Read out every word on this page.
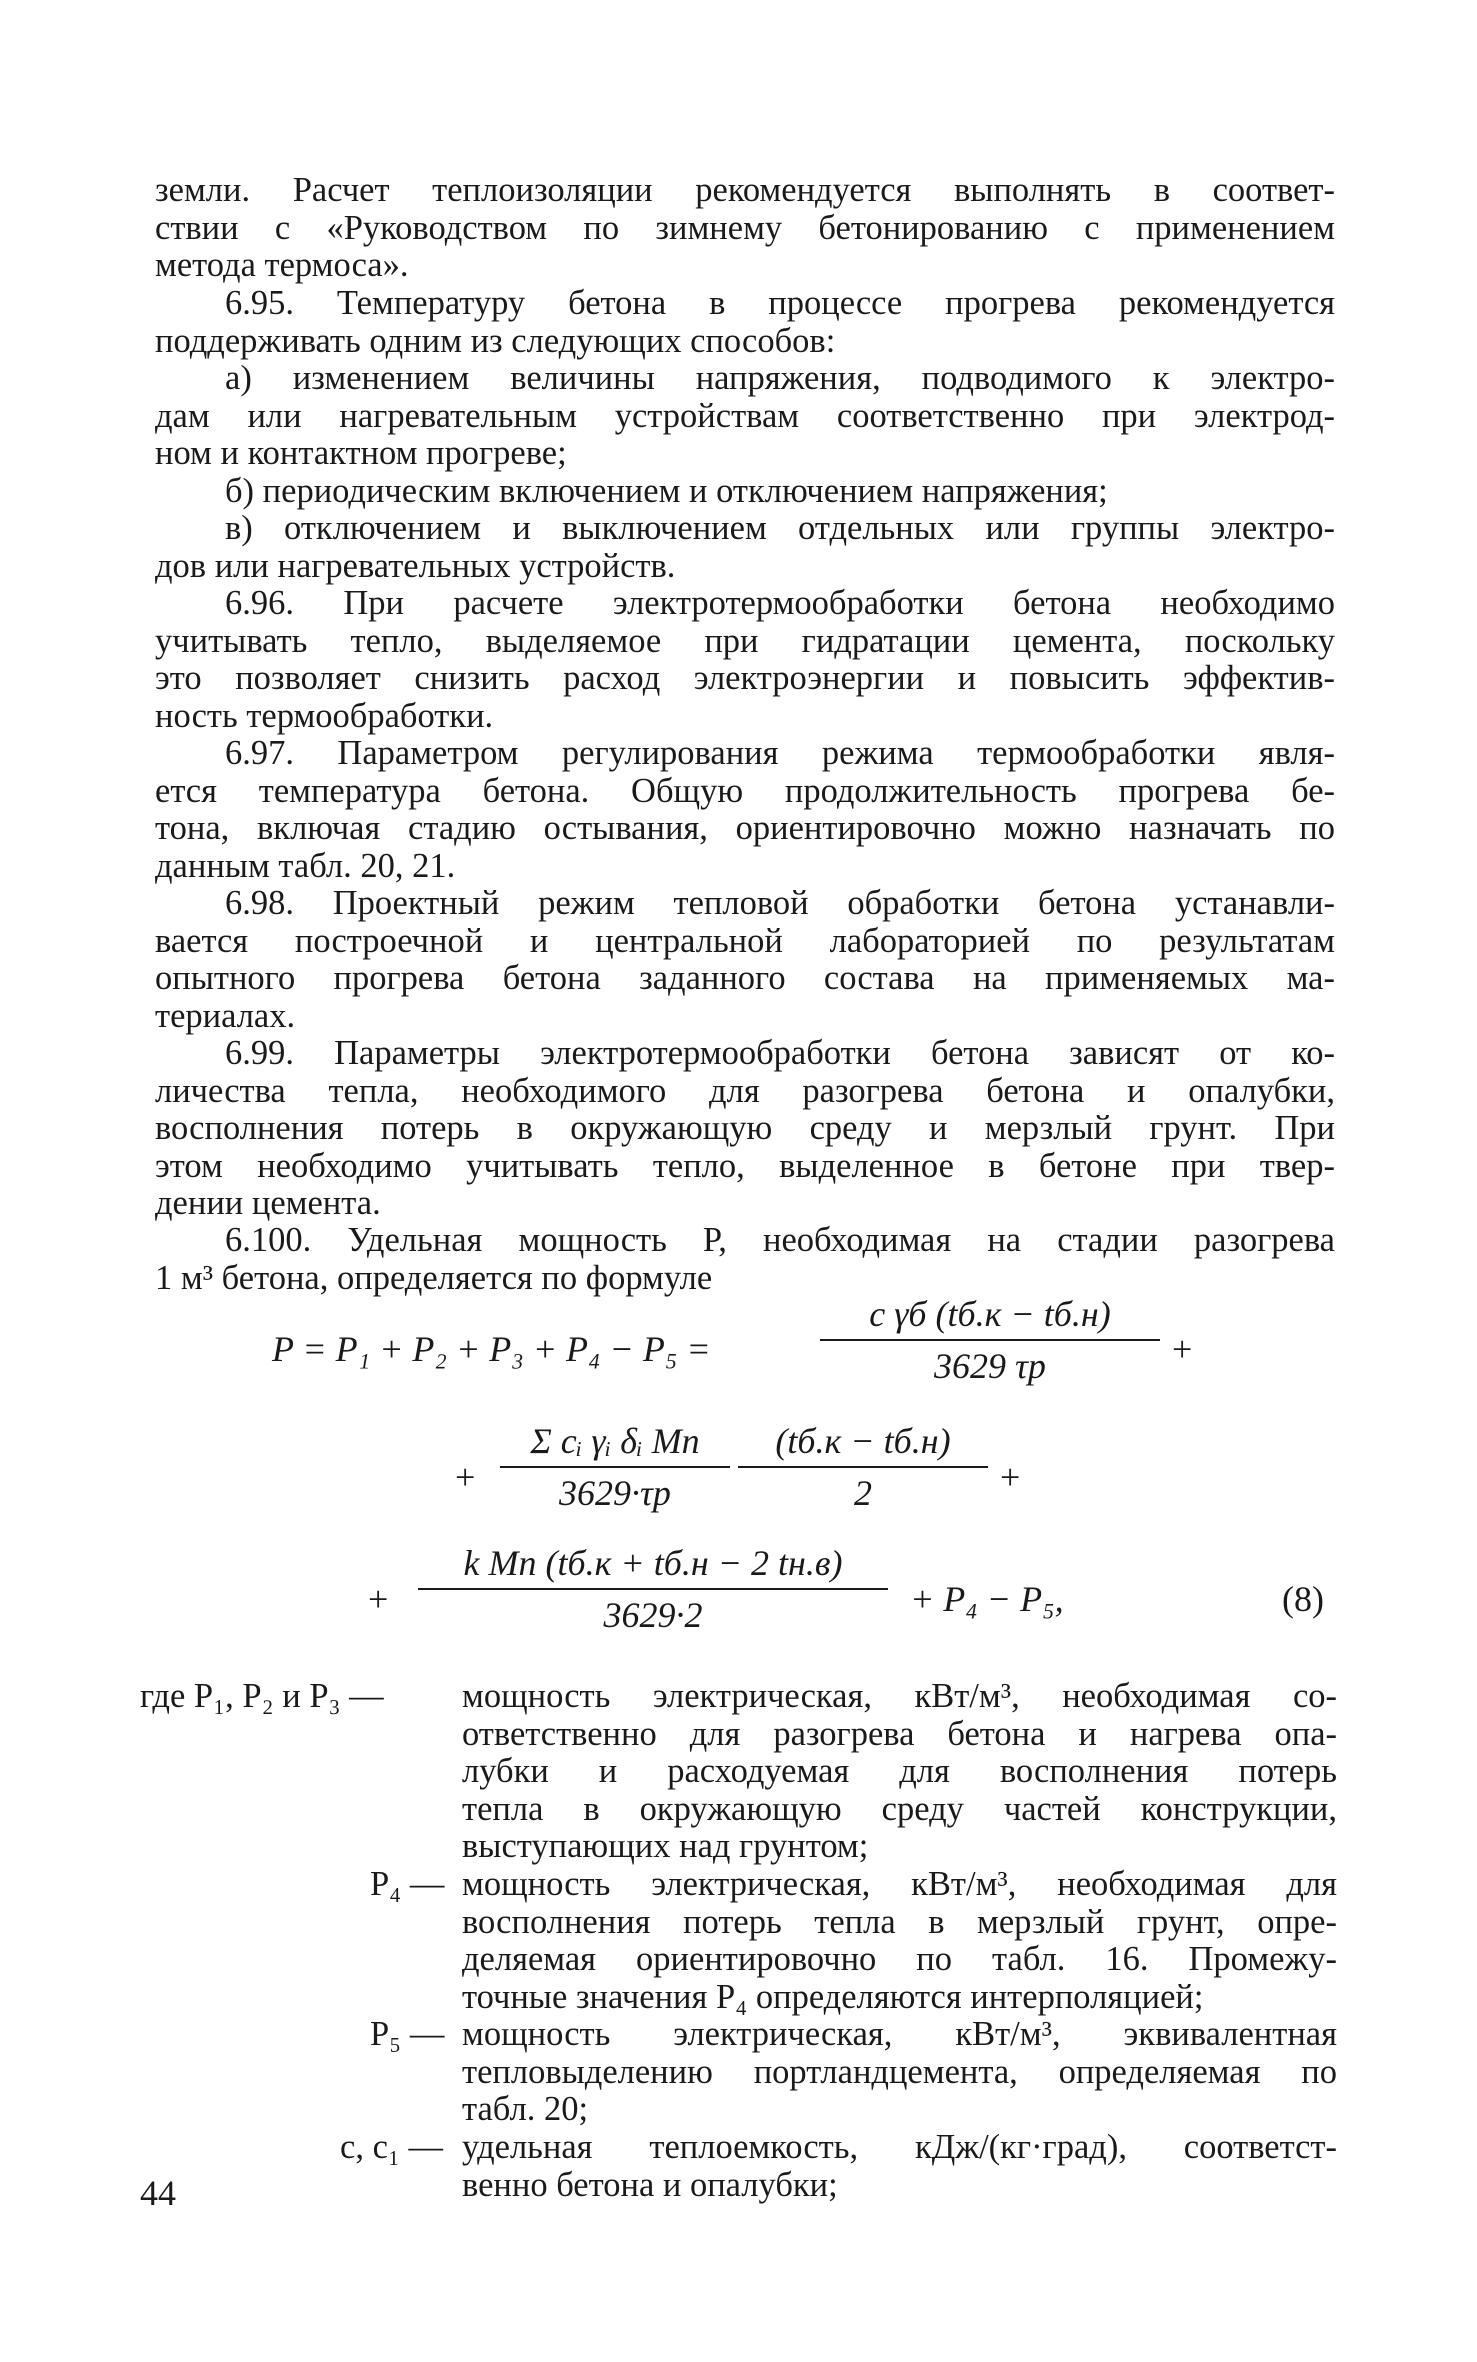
земли. Расчет теплоизоляции рекомендуется выполнять в соответ-
ствии с «Руководством по зимнему бетонированию с применением
метода термоса».
6.95. Температуру бетона в процессе прогрева рекомендуется
поддерживать одним из следующих способов:
а) изменением величины напряжения, подводимого к электро-
дам или нагревательным устройствам соответственно при электрод-
ном и контактном прогреве;
б) периодическим включением и отключением напряжения;
в) отключением и выключением отдельных или группы электро-
дов или нагревательных устройств.
6.96. При расчете электротермообработки бетона необходимо
учитывать тепло, выделяемое при гидратации цемента, поскольку
это позволяет снизить расход электроэнергии и повысить эффектив-
ность термообработки.
6.97. Параметром регулирования режима термообработки явля-
ется температура бетона. Общую продолжительность прогрева бе-
тона, включая стадию остывания, ориентировочно можно назначать по
данным табл. 20, 21.
6.98. Проектный режим тепловой обработки бетона устанавли-
вается построечной и центральной лабораторией по результатам
опытного прогрева бетона заданного состава на применяемых ма-
териалах.
6.99. Параметры электротермообработки бетона зависят от ко-
личества тепла, необходимого для разогрева бетона и опалубки,
восполнения потерь в окружающую среду и мерзлый грунт. При
этом необходимо учитывать тепло, выделенное в бетоне при твер-
дении цемента.
6.100. Удельная мощность P, необходимая на стадии разогрева
1 м³ бетона, определяется по формуле
P = P₁ + P₂ + P₃ + P₄ − P₅ =
c γб (tб.к − tб.н)
3629 τр	+
+
Σ cᵢ γᵢ δᵢ Mп
3629·τр
(tб.к − tб.н)
2	+
+
k Mп (tб.к + tб.н − 2 tн.в)
3629·2	+ P₄ − P₅,	(8)
где P₁, P₂ и P₃ — мощность электрическая, кВт/м³, необходимая со-
ответственно для разогрева бетона и нагрева опа-
лубки и расходуемая для восполнения потерь
тепла в окружающую среду частей конструкции,
выступающих над грунтом;
P₄ — мощность электрическая, кВт/м³, необходимая для
восполнения потерь тепла в мерзлый грунт, опре-
деляемая ориентировочно по табл. 16. Промежу-
точные значения P₄ определяются интерполяцией;
P₅ — мощность электрическая, кВт/м³, эквивалентная
тепловыделению портландцемента, определяемая по
табл. 20;
c, c₁ — удельная теплоемкость, кДж/(кг·град), соответст-
венно бетона и опалубки;
44
